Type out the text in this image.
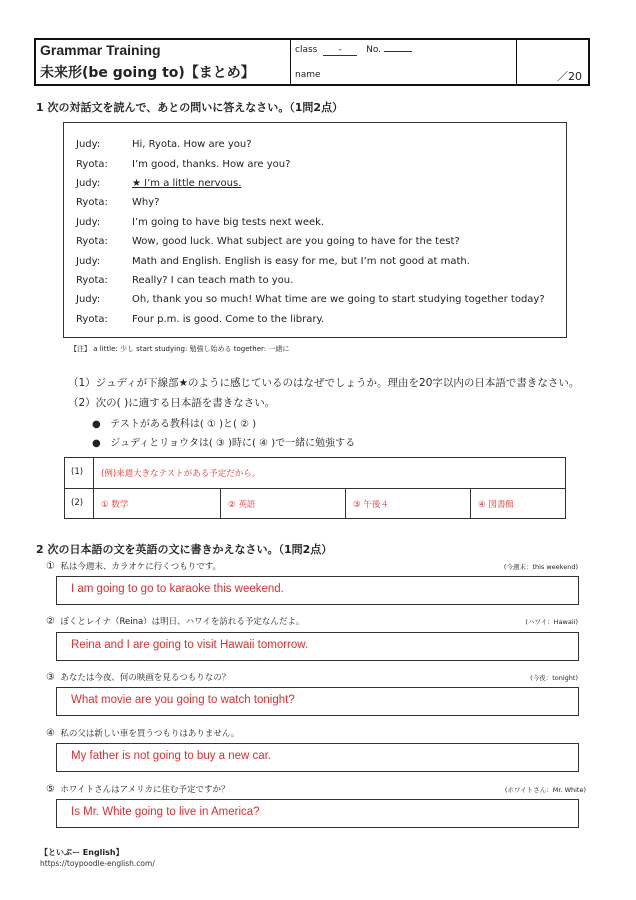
Grammar Training
未来形(be going to)【まとめ】
class -	No.
name	／20
1 次の対話文を読んで、あとの問いに答えなさい。（1問2点）
Judy:	Hi, Ryota. How are you?
Ryota: I’m good, thanks. How are you?
Judy:	★ I’m a little nervous.
Ryota: Why?
Judy:	I’m going to have big tests next week.
Ryota: Wow, good luck. What subject are you going to have for the test?
Judy:	Math and English. English is easy for me, but I’m not good at math.
Ryota: Really? I can teach math to you.
Judy:	Oh, thank you so much! What time are we going to start studying together today?
Ryota: Four p.m. is good. Come to the library.
【注】 a little: 少し start studying: 勉強し始める together: 一緒に
（1）ジュディが下線部★のように感じているのはなぜでしょうか。理由を20字以内の日本語で書きなさい。
（2）次の( )に適する日本語を書きなさい。
●   テストがある教科は( ① )と( ② )
●   ジュディとリョウタは( ③ )時に( ④ )で一緒に勉強する
(1) (例)来週大きなテストがある予定だから。
(2) ① 数学	② 英語	③ 午後４	④ 図書館
2 次の日本語の文を英語の文に書きかえなさい。（1問2点）
① 私は今週末、カラオケに行くつもりです。	(今週末：this weekend)
I am going to go to karaoke this weekend.
② ぼくとレイナ（Reina）は明日、ハワイを訪れる予定なんだよ。	(ハワイ：Hawaii)
Reina and I are going to visit Hawaii tomorrow.
③ あなたは今夜、何の映画を見るつもりなの？	(今夜：tonight)
What movie are you going to watch tonight?
④ 私の父は新しい車を買うつもりはありません。
My father is not going to buy a new car.
⑤ ホワイトさんはアメリカに住む予定ですか？	(ホワイトさん：Mr. White)
Is Mr. White going to live in America?
【といぷー English】
https://toypoodle-english.com/
